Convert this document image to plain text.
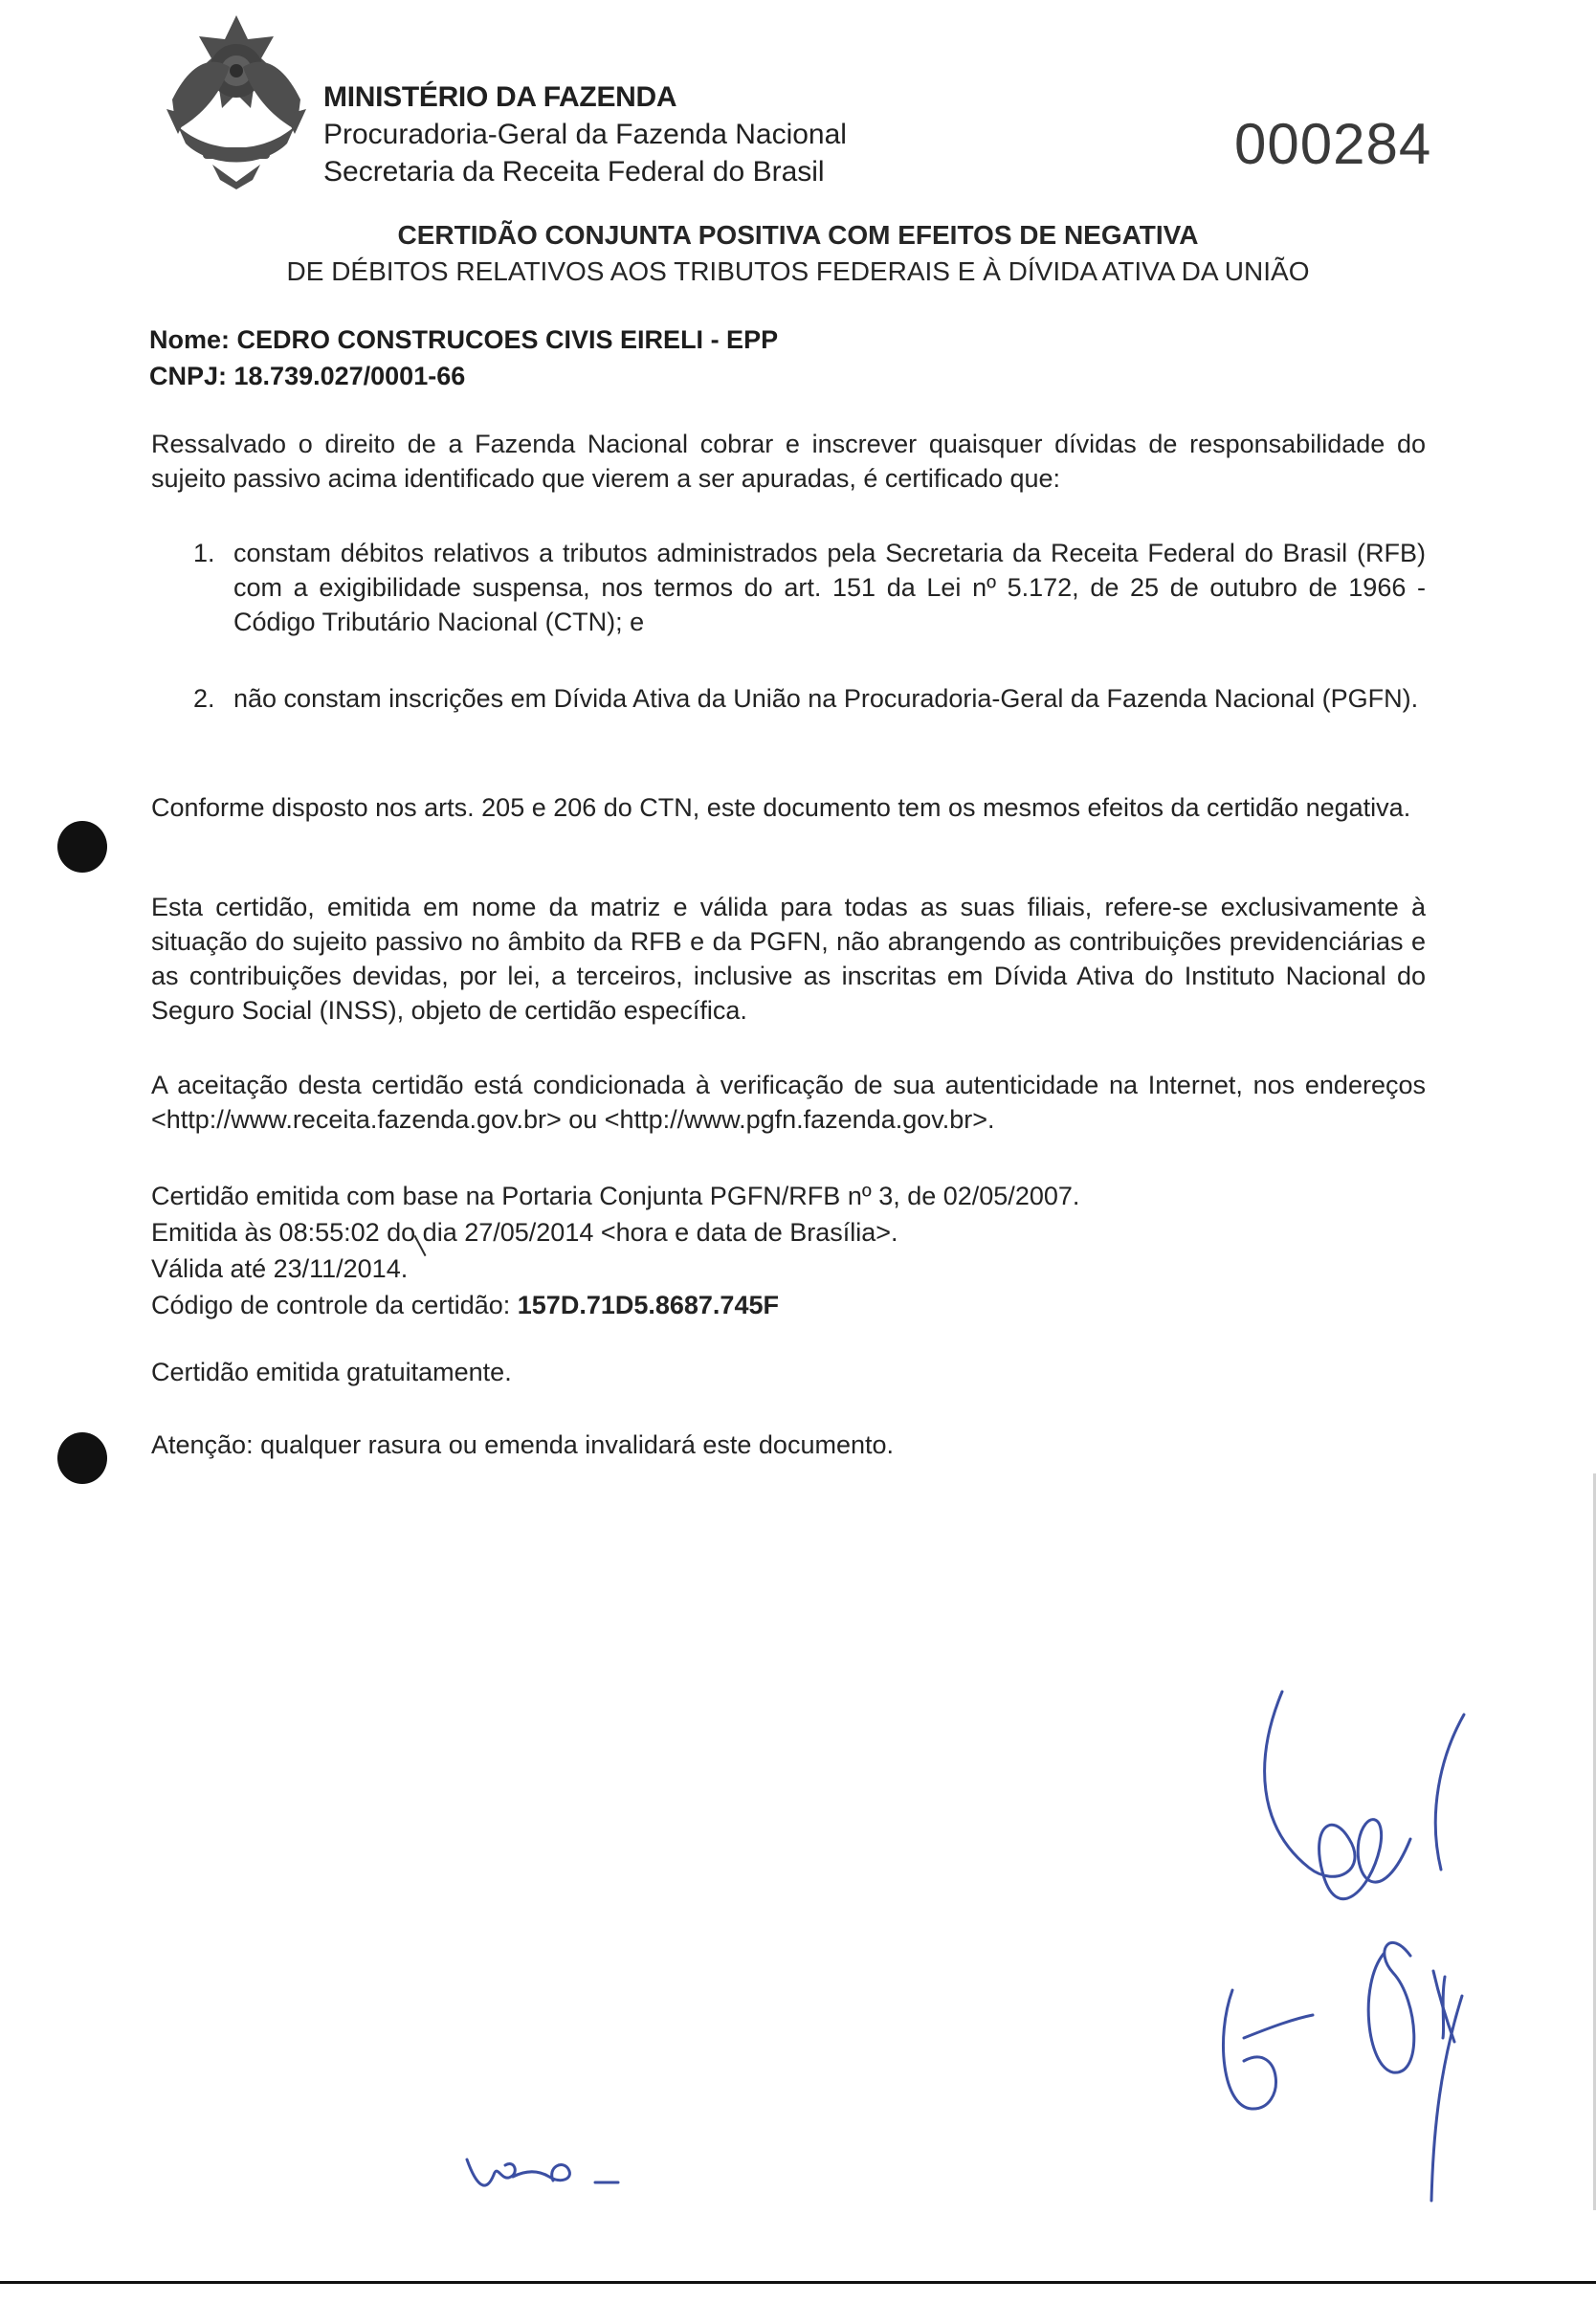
MINISTÉRIO DA FAZENDA
Procuradoria-Geral da Fazenda Nacional
Secretaria da Receita Federal do Brasil	000284
CERTIDÃO CONJUNTA POSITIVA COM EFEITOS DE NEGATIVA
DE DÉBITOS RELATIVOS AOS TRIBUTOS FEDERAIS E À DÍVIDA ATIVA DA UNIÃO
Nome: CEDRO CONSTRUCOES CIVIS EIRELI - EPP
CNPJ: 18.739.027/0001-66
Ressalvado o direito de a Fazenda Nacional cobrar e inscrever quaisquer dívidas de responsabilidade do sujeito passivo acima identificado que vierem a ser apuradas, é certificado que:
1. constam débitos relativos a tributos administrados pela Secretaria da Receita Federal do Brasil (RFB) com a exigibilidade suspensa, nos termos do art. 151 da Lei nº 5.172, de 25 de outubro de 1966 - Código Tributário Nacional (CTN); e
2. não constam inscrições em Dívida Ativa da União na Procuradoria-Geral da Fazenda Nacional (PGFN).
Conforme disposto nos arts. 205 e 206 do CTN, este documento tem os mesmos efeitos da certidão negativa.
Esta certidão, emitida em nome da matriz e válida para todas as suas filiais, refere-se exclusivamente à situação do sujeito passivo no âmbito da RFB e da PGFN, não abrangendo as contribuições previdenciárias e as contribuições devidas, por lei, a terceiros, inclusive as inscritas em Dívida Ativa do Instituto Nacional do Seguro Social (INSS), objeto de certidão específica.
A aceitação desta certidão está condicionada à verificação de sua autenticidade na Internet, nos endereços <http://www.receita.fazenda.gov.br> ou <http://www.pgfn.fazenda.gov.br>.
Certidão emitida com base na Portaria Conjunta PGFN/RFB nº 3, de 02/05/2007.
Emitida às 08:55:02 do dia 27/05/2014 <hora e data de Brasília>.
Válida até 23/11/2014.
Código de controle da certidão: 157D.71D5.8687.745F
Certidão emitida gratuitamente.
Atenção: qualquer rasura ou emenda invalidará este documento.
